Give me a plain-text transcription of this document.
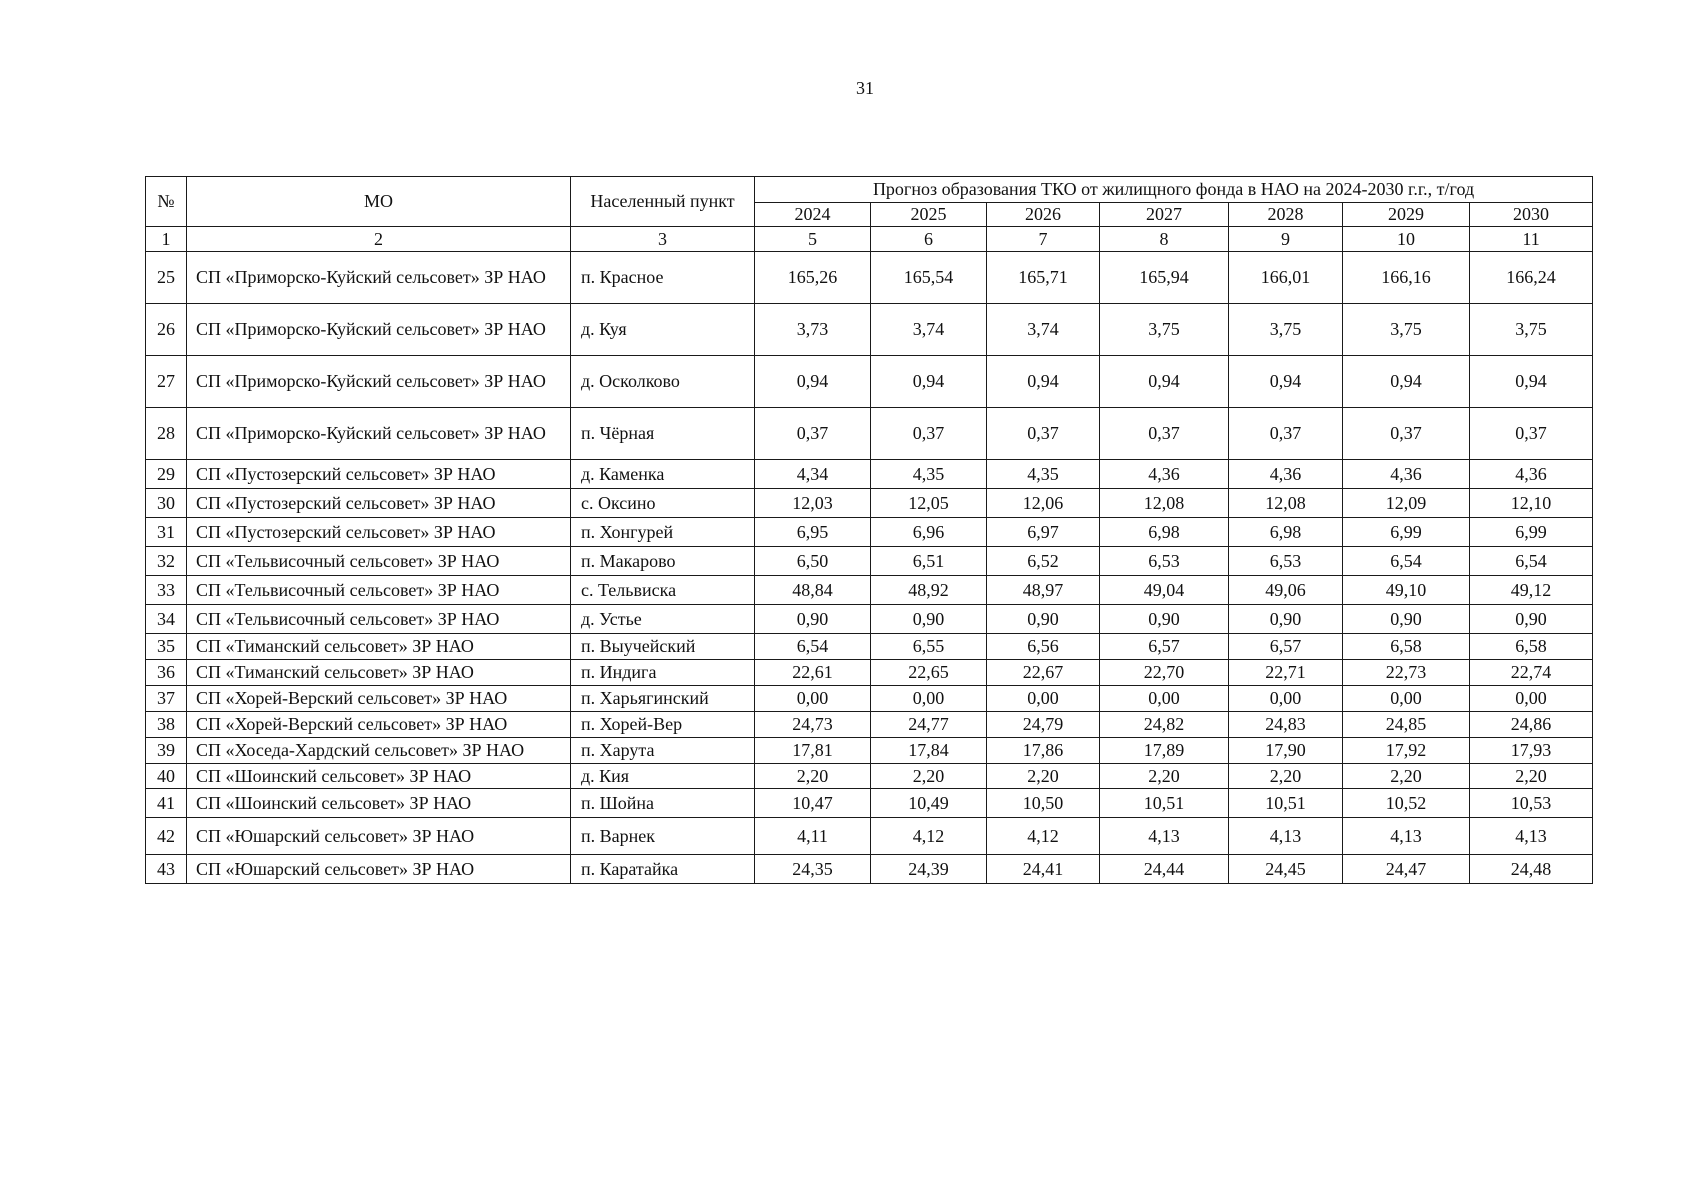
31
№	МО	Населенный пункт	Прогноз образования ТКО от жилищного фонда в НАО на 2024-2030 г.г., т/год						
			2024	2025	2026	2027	2028	2029	2030
1	2	3	5	6	7	8	9	10	11
25	СП «Приморско-Куйский сельсовет» ЗР НАО	п. Красное	165,26	165,54	165,71	165,94	166,01	166,16	166,24
26	СП «Приморско-Куйский сельсовет» ЗР НАО	д. Куя	3,73	3,74	3,74	3,75	3,75	3,75	3,75
27	СП «Приморско-Куйский сельсовет» ЗР НАО	д. Осколково	0,94	0,94	0,94	0,94	0,94	0,94	0,94
28	СП «Приморско-Куйский сельсовет» ЗР НАО	п. Чёрная	0,37	0,37	0,37	0,37	0,37	0,37	0,37
29	СП «Пустозерский сельсовет» ЗР НАО	д. Каменка	4,34	4,35	4,35	4,36	4,36	4,36	4,36
30	СП «Пустозерский сельсовет» ЗР НАО	с. Оксино	12,03	12,05	12,06	12,08	12,08	12,09	12,10
31	СП «Пустозерский сельсовет» ЗР НАО	п. Хонгурей	6,95	6,96	6,97	6,98	6,98	6,99	6,99
32	СП «Тельвисочный сельсовет» ЗР НАО	п. Макарово	6,50	6,51	6,52	6,53	6,53	6,54	6,54
33	СП «Тельвисочный сельсовет» ЗР НАО	с. Тельвиска	48,84	48,92	48,97	49,04	49,06	49,10	49,12
34	СП «Тельвисочный сельсовет» ЗР НАО	д. Устье	0,90	0,90	0,90	0,90	0,90	0,90	0,90
35	СП «Тиманский сельсовет» ЗР НАО	п. Выучейский	6,54	6,55	6,56	6,57	6,57	6,58	6,58
36	СП «Тиманский сельсовет» ЗР НАО	п. Индига	22,61	22,65	22,67	22,70	22,71	22,73	22,74
37	СП «Хорей-Верский сельсовет» ЗР НАО	п. Харьягинский	0,00	0,00	0,00	0,00	0,00	0,00	0,00
38	СП «Хорей-Верский сельсовет» ЗР НАО	п. Хорей-Вер	24,73	24,77	24,79	24,82	24,83	24,85	24,86
39	СП «Хоседа-Хардский сельсовет» ЗР НАО	п. Харута	17,81	17,84	17,86	17,89	17,90	17,92	17,93
40	СП «Шоинский сельсовет» ЗР НАО	д. Кия	2,20	2,20	2,20	2,20	2,20	2,20	2,20
41	СП «Шоинский сельсовет» ЗР НАО	п. Шойна	10,47	10,49	10,50	10,51	10,51	10,52	10,53
42	СП «Юшарский сельсовет» ЗР НАО	п. Варнек	4,11	4,12	4,12	4,13	4,13	4,13	4,13
43	СП «Юшарский сельсовет» ЗР НАО	п. Каратайка	24,35	24,39	24,41	24,44	24,45	24,47	24,48
